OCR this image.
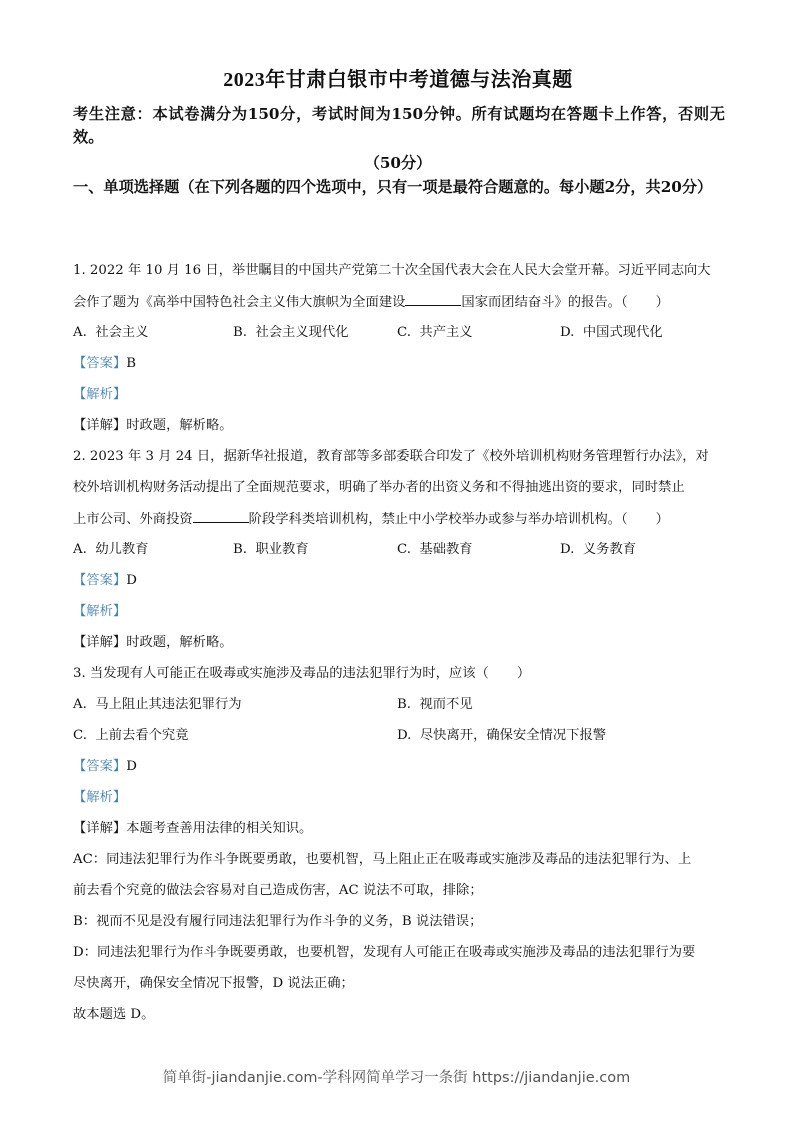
2023年甘肃白银市中考道德与法治真题
考生注意：本试卷满分为150分，考试时间为150分钟。所有试题均在答题卡上作答，否则无效。
（50分）
一、单项选择题（在下列各题的四个选项中，只有一项是最符合题意的。每小题2分，共20分）
1. 2022 年 10 月 16 日，举世瞩目的中国共产党第二十次全国代表大会在人民大会堂开幕。习近平同志向大
会作了题为《高举中国特色社会主义伟大旗帜为全面建设	国家而团结奋斗》的报告。（ ）
A. 社会主义	B. 社会主义现代化	C. 共产主义	D. 中国式现代化
【答案】B
【解析】
【详解】时政题，解析略。
2. 2023 年 3 月 24 日，据新华社报道，教育部等多部委联合印发了《校外培训机构财务管理暂行办法》，对
校外培训机构财务活动提出了全面规范要求，明确了举办者的出资义务和不得抽逃出资的要求，同时禁止
上市公司、外商投资	阶段学科类培训机构，禁止中小学校举办或参与举办培训机构。（ ）
A. 幼儿教育	B. 职业教育	C. 基础教育	D. 义务教育
【答案】D
【解析】
【详解】时政题，解析略。
3. 当发现有人可能正在吸毒或实施涉及毒品的违法犯罪行为时，应该（ ）
A. 马上阻止其违法犯罪行为	B. 视而不见
C. 上前去看个究竟	D. 尽快离开，确保安全情况下报警
【答案】D
【解析】
【详解】本题考查善用法律的相关知识。
AC：同违法犯罪行为作斗争既要勇敢，也要机智，马上阻止正在吸毒或实施涉及毒品的违法犯罪行为、上
前去看个究竟的做法会容易对自己造成伤害，AC 说法不可取，排除；
B：视而不见是没有履行同违法犯罪行为作斗争的义务，B 说法错误；
D：同违法犯罪行为作斗争既要勇敢，也要机智，发现有人可能正在吸毒或实施涉及毒品的违法犯罪行为要
尽快离开，确保安全情况下报警，D 说法正确；
故本题选 D。
简单街-jiandanjie.com-学科网简单学习一条街 https://jiandanjie.com
